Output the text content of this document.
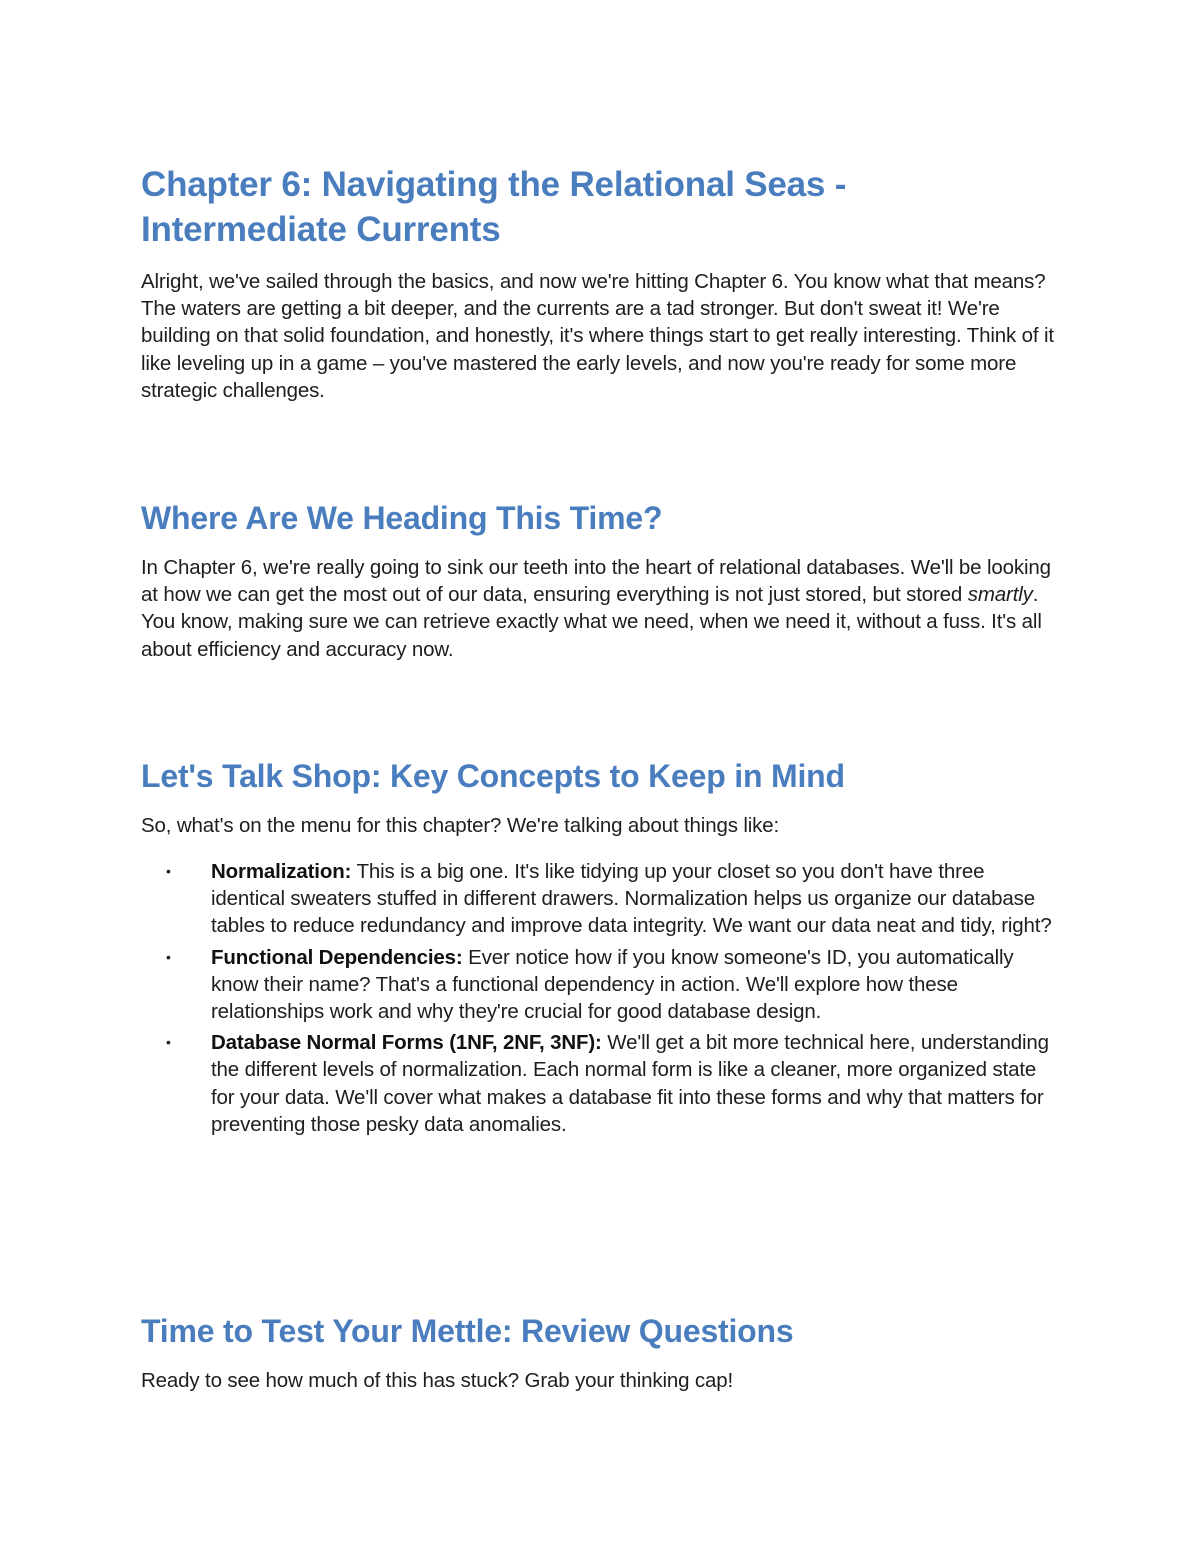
Chapter 6: Navigating the Relational Seas - Intermediate Currents
Alright, we've sailed through the basics, and now we're hitting Chapter 6. You know what that means? The waters are getting a bit deeper, and the currents are a tad stronger. But don't sweat it! We're building on that solid foundation, and honestly, it's where things start to get really interesting. Think of it like leveling up in a game – you've mastered the early levels, and now you're ready for some more strategic challenges.
Where Are We Heading This Time?
In Chapter 6, we're really going to sink our teeth into the heart of relational databases. We'll be looking at how we can get the most out of our data, ensuring everything is not just stored, but stored smartly. You know, making sure we can retrieve exactly what we need, when we need it, without a fuss. It's all about efficiency and accuracy now.
Let's Talk Shop: Key Concepts to Keep in Mind
So, what's on the menu for this chapter? We're talking about things like:
• Normalization: This is a big one. It's like tidying up your closet so you don't have three identical sweaters stuffed in different drawers. Normalization helps us organize our database tables to reduce redundancy and improve data integrity. We want our data neat and tidy, right?
• Functional Dependencies: Ever notice how if you know someone's ID, you automatically know their name? That's a functional dependency in action. We'll explore how these relationships work and why they're crucial for good database design.
• Database Normal Forms (1NF, 2NF, 3NF): We'll get a bit more technical here, understanding the different levels of normalization. Each normal form is like a cleaner, more organized state for your data. We'll cover what makes a database fit into these forms and why that matters for preventing those pesky data anomalies.
Time to Test Your Mettle: Review Questions
Ready to see how much of this has stuck? Grab your thinking cap!
